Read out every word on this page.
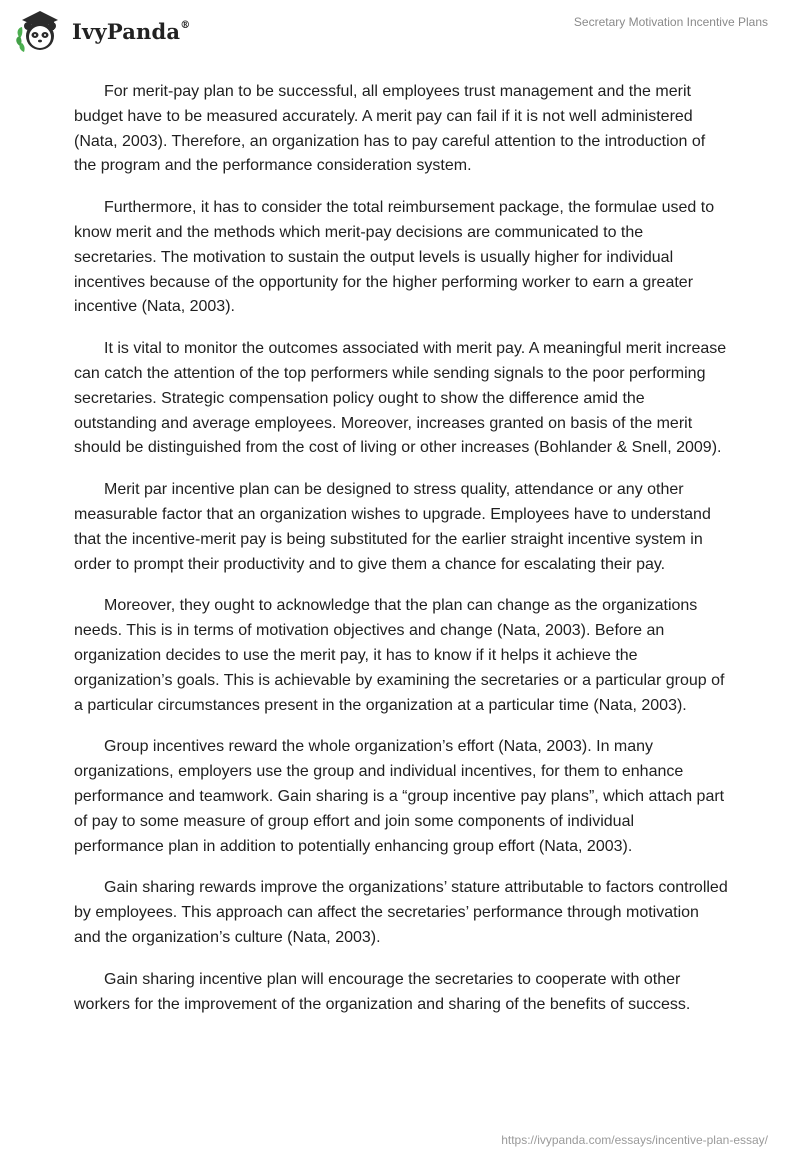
IvyPanda®	Secretary Motivation Incentive Plans

For merit-pay plan to be successful, all employees trust management and the merit budget have to be measured accurately. A merit pay can fail if it is not well administered (Nata, 2003). Therefore, an organization has to pay careful attention to the introduction of the program and the performance consideration system.

Furthermore, it has to consider the total reimbursement package, the formulae used to know merit and the methods which merit-pay decisions are communicated to the secretaries. The motivation to sustain the output levels is usually higher for individual incentives because of the opportunity for the higher performing worker to earn a greater incentive (Nata, 2003).

It is vital to monitor the outcomes associated with merit pay. A meaningful merit increase can catch the attention of the top performers while sending signals to the poor performing secretaries. Strategic compensation policy ought to show the difference amid the outstanding and average employees. Moreover, increases granted on basis of the merit should be distinguished from the cost of living or other increases (Bohlander & Snell, 2009).

Merit par incentive plan can be designed to stress quality, attendance or any other measurable factor that an organization wishes to upgrade. Employees have to understand that the incentive-merit pay is being substituted for the earlier straight incentive system in order to prompt their productivity and to give them a chance for escalating their pay.

Moreover, they ought to acknowledge that the plan can change as the organizations needs. This is in terms of motivation objectives and change (Nata, 2003). Before an organization decides to use the merit pay, it has to know if it helps it achieve the organization’s goals. This is achievable by examining the secretaries or a particular group of a particular circumstances present in the organization at a particular time (Nata, 2003).

Group incentives reward the whole organization’s effort (Nata, 2003). In many organizations, employers use the group and individual incentives, for them to enhance performance and teamwork. Gain sharing is a “group incentive pay plans”, which attach part of pay to some measure of group effort and join some components of individual performance plan in addition to potentially enhancing group effort (Nata, 2003).

Gain sharing rewards improve the organizations’ stature attributable to factors controlled by employees. This approach can affect the secretaries’ performance through motivation and the organization’s culture (Nata, 2003).

Gain sharing incentive plan will encourage the secretaries to cooperate with other workers for the improvement of the organization and sharing of the benefits of success.

https://ivypanda.com/essays/incentive-plan-essay/
